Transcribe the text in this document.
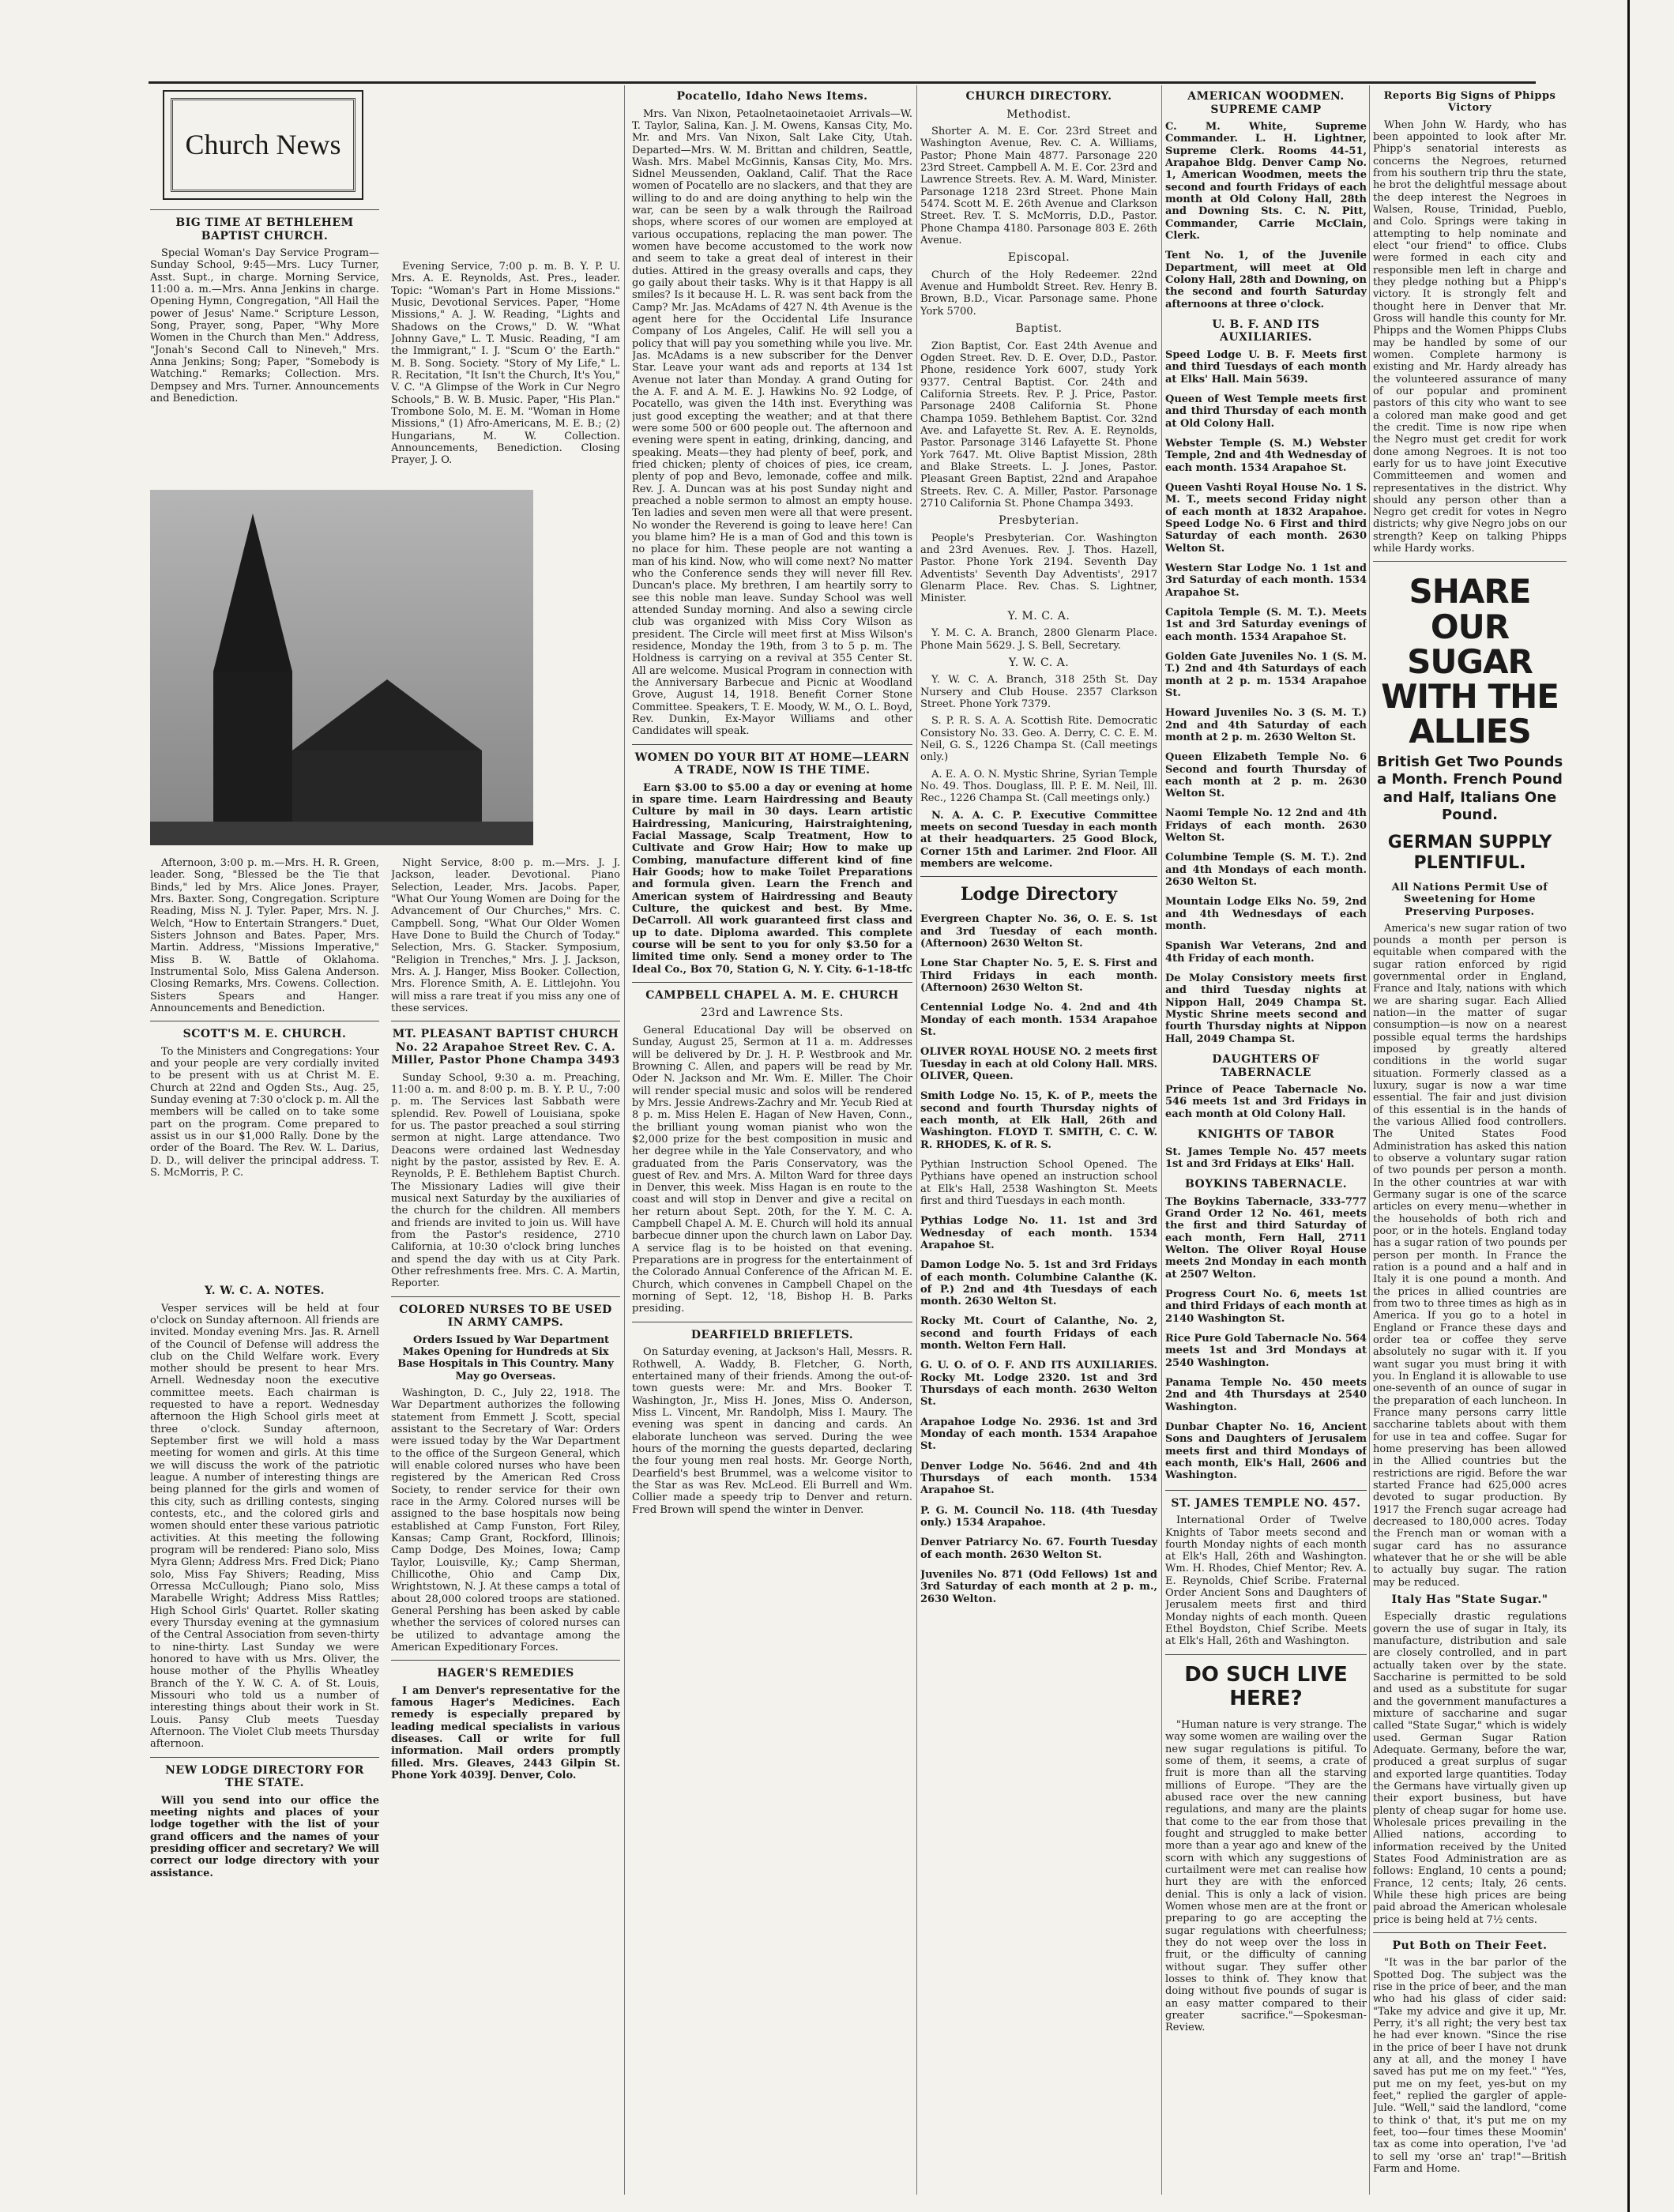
Church News
BIG TIME AT BETHLEHEM BAPTIST CHURCH.

Special Woman's Day Service Program— Sunday School, 9:45—Mrs. Lucy Turner, Asst. Supt., in charge. Morning Service, 11:00 a. m.—Mrs. Anna Jenkins in charge. Opening Hymn, Congregation, "All Hail the power of Jesus' Name." Scripture Lesson, Song, Prayer, song, Paper, "Why More Women in the Church than Men." Address, "Jonah's Second Call to Nineveh," Mrs. Anna Jenkins; Song; Paper, "Somebody is Watching." Remarks; Collection. Mrs. Dempsey and Mrs. Turner. Announcements and Benediction.

Evening Service, 7:00 p. m. B. Y. P. U. Mrs. A. E. Reynolds, Ast. Pres., leader. Topic: "Woman's Part in Home Missions." Music, Devotional Services. Paper, "Home Missions," A. J. W. Reading, "Lights and Shadows on the Crows," D. W. "What Johnny Gave," L. T. Music. Reading, "I am the Immigrant," I. J. "Scum O' the Earth." M. B. Song. Society. "Story of My Life," L. R. Recitation, "It Isn't the Church, It's You," V. C. "A Glimpse of the Work in Cur Negro Schools," B. W. B. Music. Paper, "His Plan." Trombone Solo, M. E. M. "Woman in Home Missions," (1) Afro-Americans, M. E. B.; (2) Hungarians, M. W. Collection. Announcements, Benediction. Closing Prayer, J. O.

Afternoon, 3:00 p. m.—Mrs. H. R. Green, leader. Song, "Blessed be the Tie that Binds," led by Mrs. Alice Jones. Prayer, Mrs. Baxter. Song, Congregation. Scripture Reading, Miss N. J. Tyler. Paper, Mrs. N. J. Welch, "How to Entertain Strangers." Duet, Sisters Johnson and Bates. Paper, Mrs. Martin. Address, "Missions Imperative," Miss B. W. Battle of Oklahoma. Instrumental Solo, Miss Galena Anderson. Closing Remarks, Mrs. Cowens. Collection. Sisters Spears and Hanger. Announcements and Benediction.

SCOTT'S M. E. CHURCH.

To the Ministers and Congregations: Your and your people are very cordially invited to be present with us at Christ M. E. Church at 22nd and Ogden Sts., Aug. 25, Sunday evening at 7:30 o'clock p. m. All the members will be called on to take some part on the program. Come prepared to assist us in our $1,000 Rally. Done by the order of the Board. The Rev. W. L. Darius, D. D., will deliver the principal address. T. S. McMorris, P. C.

Y. W. C. A. NOTES.

Vesper services will be held at four o'clock on Sunday afternoon. All friends are invited. Monday evening Mrs. Jas. R. Arnell of the Council of Defense will address the club on the Child Welfare work. Every mother should be present to hear Mrs. Arnell. Wednesday noon the executive committee meets. Each chairman is requested to have a report. Wednesday afternoon the High School girls meet at three o'clock. Sunday afternoon, September first we will hold a mass meeting for women and girls. At this time we will discuss the work of the patriotic league. A number of interesting things are being planned for the girls and women of this city, such as drilling contests, singing contests, etc., and the colored girls and women should enter these various patriotic activities. At this meeting the following program will be rendered: Piano solo, Miss Myra Glenn; Address Mrs. Fred Dick; Piano solo, Miss Fay Shivers; Reading, Miss Orressa McCullough; Piano solo, Miss Marabelle Wright; Address Miss Rattles; High School Girls' Quartet. Roller skating every Thursday evening at the gymnasium of the Central Association from seven-thirty to nine-thirty. Last Sunday we were honored to have with us Mrs. Oliver, the house mother of the Phyllis Wheatley Branch of the Y. W. C. A. of St. Louis, Missouri who told us a number of interesting things about their work in St. Louis. Pansy Club meets Tuesday Afternoon. The Violet Club meets Thursday afternoon.

NEW LODGE DIRECTORY FOR THE STATE.

Will you send into our office the meeting nights and places of your lodge together with the list of your grand officers and the names of your presiding officer and secretary? We will correct our lodge directory with your assistance.

Night Service, 8:00 p. m.—Mrs. J. J. Jackson, leader. Devotional. Piano Selection, Leader, Mrs. Jacobs. Paper, "What Our Young Women are Doing for the Advancement of Our Churches," Mrs. C. Campbell. Song, "What Our Older Women Have Done to Build the Church of Today." Selection, Mrs. G. Stacker. Symposium, "Religion in Trenches," Mrs. J. J. Jackson, Mrs. A. J. Hanger, Miss Booker. Collection, Mrs. Florence Smith, A. E. Littlejohn. You will miss a rare treat if you miss any one of these services.

MT. PLEASANT BAPTIST CHURCH No. 22 Arapahoe Street Rev. C. A. Miller, Pastor Phone Champa 3493

Sunday School, 9:30 a. m. Preaching, 11:00 a. m. and 8:00 p. m. B. Y. P. U., 7:00 p. m. The Services last Sabbath were splendid. Rev. Powell of Louisiana, spoke for us. The pastor preached a soul stirring sermon at night. Large attendance. Two Deacons were ordained last Wednesday night by the pastor, assisted by Rev. E. A. Reynolds, P. E. Bethlehem Baptist Church. The Missionary Ladies will give their musical next Saturday by the auxiliaries of the church for the children. All members and friends are invited to join us. Will have from the Pastor's residence, 2710 California, at 10:30 o'clock bring lunches and spend the day with us at City Park. Other refreshments free. Mrs. C. A. Martin, Reporter.

COLORED NURSES TO BE USED IN ARMY CAMPS.

Orders Issued by War Department Makes Opening for Hundreds at Six Base Hospitals in This Country. Many May go Overseas.

Washington, D. C., July 22, 1918. The War Department authorizes the following statement from Emmett J. Scott, special assistant to the Secretary of War: Orders were issued today by the War Department to the office of the Surgeon General, which will enable colored nurses who have been registered by the American Red Cross Society, to render service for their own race in the Army. Colored nurses will be assigned to the base hospitals now being established at Camp Funston, Fort Riley, Kansas; Camp Grant, Rockford, Illinois; Camp Dodge, Des Moines, Iowa; Camp Taylor, Louisville, Ky.; Camp Sherman, Chillicothe, Ohio and Camp Dix, Wrightstown, N. J. At these camps a total of about 28,000 colored troops are stationed. General Pershing has been asked by cable whether the services of colored nurses can be utilized to advantage among the American Expeditionary Forces.

HAGER'S REMEDIES

I am Denver's representative for the famous Hager's Medicines. Each remedy is especially prepared by leading medical specialists in various diseases. Call or write for full information. Mail orders promptly filled. Mrs. Gleaves, 2443 Gilpin St. Phone York 4039J. Denver, Colo.

Pocatello, Idaho News Items.

Mrs. Van Nixon, Petaolnetaoinetaoiet Arrivals—W. T. Taylor, Salina, Kan. J. M. Owens, Kansas City, Mo. Mr. and Mrs. Van Nixon, Salt Lake City, Utah. Departed—Mrs. W. M. Brittan and children, Seattle, Wash. Mrs. Mabel McGinnis, Kansas City, Mo. Mrs. Sidnel Meussenden, Oakland, Calif. That the Race women of Pocatello are no slackers, and that they are willing to do and are doing anything to help win the war, can be seen by a walk through the Railroad shops, where scores of our women are employed at various occupations, replacing the man power. The women have become accustomed to the work now and seem to take a great deal of interest in their duties. Attired in the greasy overalls and caps, they go gaily about their tasks. Why is it that Happy is all smiles? Is it because H. L. R. was sent back from the Camp? Mr. Jas. McAdams of 427 N. 4th Avenue is the agent here for the Occidental Life Insurance Company of Los Angeles, Calif. He will sell you a policy that will pay you something while you live. Mr. Jas. McAdams is a new subscriber for the Denver Star. Leave your want ads and reports at 134 1st Avenue not later than Monday. A grand Outing for the A. F. and A. M. E. J. Hawkins No. 92 Lodge, of Pocatello, was given the 14th inst. Everything was just good excepting the weather; and at that there were some 500 or 600 people out. The afternoon and evening were spent in eating, drinking, dancing, and speaking. Meats—they had plenty of beef, pork, and fried chicken; plenty of choices of pies, ice cream, plenty of pop and Bevo, lemonade, coffee and milk. Rev. J. A. Duncan was at his post Sunday night and preached a noble sermon to almost an empty house. Ten ladies and seven men were all that were present. No wonder the Reverend is going to leave here! Can you blame him? He is a man of God and this town is no place for him. These people are not wanting a man of his kind. Now, who will come next? No matter who the Conference sends they will never fill Rev. Duncan's place. My brethren, I am heartily sorry to see this noble man leave. Sunday School was well attended Sunday morning. And also a sewing circle club was organized with Miss Cory Wilson as president. The Circle will meet first at Miss Wilson's residence, Monday the 19th, from 3 to 5 p. m. The Holdness is carrying on a revival at 355 Center St. All are welcome. Musical Program in connection with the Anniversary Barbecue and Picnic at Woodland Grove, August 14, 1918. Benefit Corner Stone Committee. Speakers, T. E. Moody, W. M., O. L. Boyd, Rev. Dunkin, Ex-Mayor Williams and other Candidates will speak.

WOMEN DO YOUR BIT AT HOME—LEARN A TRADE, NOW IS THE TIME.

Earn $3.00 to $5.00 a day or evening at home in spare time. Learn Hairdressing and Beauty Culture by mail in 30 days. Learn artistic Hairdressing, Manicuring, Hairstraightening, Facial Massage, Scalp Treatment, How to Cultivate and Grow Hair; How to make up Combing, manufacture different kind of fine Hair Goods; how to make Toilet Preparations and formula given. Learn the French and American system of Hairdressing and Beauty Culture, the quickest and best. By Mme. DeCarroll. All work guaranteed first class and up to date. Diploma awarded. This complete course will be sent to you for only $3.50 for a limited time only. Send a money order to The Ideal Co., Box 70, Station G, N. Y. City. 6-1-18-tfc

CAMPBELL CHAPEL A. M. E. CHURCH
23rd and Lawrence Sts.

General Educational Day will be observed on Sunday, August 25, Sermon at 11 a. m. Addresses will be delivered by Dr. J. H. P. Westbrook and Mr. Browning C. Allen, and papers will be read by Mr. Oder N. Jackson and Mr. Wm. E. Miller. The Choir will render special music and solos will be rendered by Mrs. Jessie Andrews-Zachry and Mr. Yecub Ried at 8 p. m. Miss Helen E. Hagan of New Haven, Conn., the brilliant young woman pianist who won the $2,000 prize for the best composition in music and her degree while in the Yale Conservatory, and who graduated from the Paris Conservatory, was the guest of Rev. and Mrs. A. Milton Ward for three days in Denver, this week. Miss Hagan is en route to the coast and will stop in Denver and give a recital on her return about Sept. 20th, for the Y. M. C. A. Campbell Chapel A. M. E. Church will hold its annual barbecue dinner upon the church lawn on Labor Day. A service flag is to be hoisted on that evening. Preparations are in progress for the entertainment of the Colorado Annual Conference of the African M. E. Church, which convenes in Campbell Chapel on the morning of Sept. 12, '18, Bishop H. B. Parks presiding.

DEARFIELD BRIEFLETS.

On Saturday evening, at Jackson's Hall, Messrs. R. Rothwell, A. Waddy, B. Fletcher, G. North, entertained many of their friends. Among the out-of-town guests were: Mr. and Mrs. Booker T. Washington, Jr., Miss H. Jones, Miss O. Anderson, Miss L. Vincent, Mr. Randolph, Miss I. Maury. The evening was spent in dancing and cards. An elaborate luncheon was served. During the wee hours of the morning the guests departed, declaring the four young men real hosts. Mr. George North, Dearfield's best Brummel, was a welcome visitor to the Star as was Rev. McLeod. Eli Burrell and Wm. Collier made a speedy trip to Denver and return. Fred Brown will spend the winter in Denver.

CHURCH DIRECTORY.
Methodist.

Shorter A. M. E. Cor. 23rd Street and Washington Avenue, Rev. C. A. Williams, Pastor; Phone Main 4877. Parsonage 220 23rd Street. Campbell A. M. E. Cor. 23rd and Lawrence Streets. Rev. A. M. Ward, Minister. Parsonage 1218 23rd Street. Phone Main 5474. Scott M. E. 26th Avenue and Clarkson Street. Rev. T. S. McMorris, D.D., Pastor. Phone Champa 4180. Parsonage 803 E. 26th Avenue.

Episcopal.

Church of the Holy Redeemer. 22nd Avenue and Humboldt Street. Rev. Henry B. Brown, B.D., Vicar. Parsonage same. Phone York 5700.

Baptist.

Zion Baptist, Cor. East 24th Avenue and Ogden Street. Rev. D. E. Over, D.D., Pastor. Phone, residence York 6007, study York 9377. Central Baptist. Cor. 24th and California Streets. Rev. P. J. Price, Pastor. Parsonage 2408 California St. Phone Champa 1059. Bethlehem Baptist. Cor. 32nd Ave. and Lafayette St. Rev. A. E. Reynolds, Pastor. Parsonage 3146 Lafayette St. Phone York 7647. Mt. Olive Baptist Mission, 28th and Blake Streets. L. J. Jones, Pastor. Pleasant Green Baptist, 22nd and Arapahoe Streets. Rev. C. A. Miller, Pastor. Parsonage 2710 California St. Phone Champa 3493.

Presbyterian.

People's Presbyterian. Cor. Washington and 23rd Avenues. Rev. J. Thos. Hazell, Pastor. Phone York 2194. Seventh Day Adventists' Seventh Day Adventists', 2917 Glenarm Place. Rev. Chas. S. Lightner, Minister.

Y. M. C. A.

Y. M. C. A. Branch, 2800 Glenarm Place. Phone Main 5629. J. S. Bell, Secretary.

Y. W. C. A.

Y. W. C. A. Branch, 318 25th St. Day Nursery and Club House. 2357 Clarkson Street. Phone York 7379.

S. P. R. S. A. A. Scottish Rite. Democratic Consistory No. 33. Geo. A. Derry, C. C. E. M. Neil, G. S., 1226 Champa St. (Call meetings only.)

A. E. A. O. N. Mystic Shrine, Syrian Temple No. 49. Thos. Douglass, Ill. P. E. M. Neil, Ill. Rec., 1226 Champa St. (Call meetings only.)

N. A. A. C. P. Executive Committee meets on second Tuesday in each month at their headquarters. 25 Good Block, Corner 15th and Larimer. 2nd Floor. All members are welcome.

Lodge Directory
Evergreen Chapter No. 36, O. E. S. 1st and 3rd Tuesday of each month. (Afternoon) 2630 Welton St.
Lone Star Chapter No. 5, E. S. First and Third Fridays in each month. (Afternoon) 2630 Welton St.
Centennial Lodge No. 4. 2nd and 4th Monday of each month. 1534 Arapahoe St.
OLIVER ROYAL HOUSE NO. 2 meets first Tuesday in each at old Colony Hall. MRS. OLIVER, Queen.
Smith Lodge No. 15, K. of P., meets the second and fourth Thursday nights of each month, at Elk Hall, 26th and Washington. FLOYD T. SMITH, C. C. W. R. RHODES, K. of R. S.
Pythian Instruction School Opened. The Pythians have opened an instruction school at Elk's Hall, 2538 Washington St. Meets first and third Tuesdays in each month.
Pythias Lodge No. 11. 1st and 3rd Wednesday of each month. 1534 Arapahoe St.
Damon Lodge No. 5. 1st and 3rd Fridays of each month. Columbine Calanthe (K. of P.) 2nd and 4th Tuesdays of each month. 2630 Welton St.
Rocky Mt. Court of Calanthe, No. 2, second and fourth Fridays of each month. Welton Fern Hall.
G. U. O. of O. F. AND ITS AUXILIARIES. Rocky Mt. Lodge 2320. 1st and 3rd Thursdays of each month. 2630 Welton St.
Arapahoe Lodge No. 2936. 1st and 3rd Monday of each month. 1534 Arapahoe St.
Denver Lodge No. 5646. 2nd and 4th Thursdays of each month. 1534 Arapahoe St.
P. G. M. Council No. 118. (4th Tuesday only.) 1534 Arapahoe.
Denver Patriarcy No. 67. Fourth Tuesday of each month. 2630 Welton St.
Juveniles No. 871 (Odd Fellows) 1st and 3rd Saturday of each month at 2 p. m., 2630 Welton.
AMERICAN WOODMEN. SUPREME CAMP
C. M. White, Supreme Commander. L. H. Lightner, Supreme Clerk. Rooms 44-51, Arapahoe Bldg. Denver Camp No. 1, American Woodmen, meets the second and fourth Fridays of each month at Old Colony Hall, 28th and Downing Sts. C. N. Pitt, Commander, Carrie McClain, Clerk.
Tent No. 1, of the Juvenile Department, will meet at Old Colony Hall, 28th and Downing, on the second and fourth Saturday afternoons at three o'clock.
U. B. F. AND ITS AUXILIARIES.
Speed Lodge U. B. F. Meets first and third Tuesdays of each month at Elks' Hall. Main 5639.
Queen of West Temple meets first and third Thursday of each month at Old Colony Hall.
Webster Temple (S. M.) Webster Temple, 2nd and 4th Wednesday of each month. 1534 Arapahoe St.
Queen Vashti Royal House No. 1 S. M. T., meets second Friday night of each month at 1832 Arapahoe. Speed Lodge No. 6 First and third Saturday of each month. 2630 Welton St.
Western Star Lodge No. 1 1st and 3rd Saturday of each month. 1534 Arapahoe St.
Capitola Temple (S. M. T.). Meets 1st and 3rd Saturday evenings of each month. 1534 Arapahoe St.
Golden Gate Juveniles No. 1 (S. M. T.) 2nd and 4th Saturdays of each month at 2 p. m. 1534 Arapahoe St.
Howard Juveniles No. 3 (S. M. T.) 2nd and 4th Saturday of each month at 2 p. m. 2630 Welton St.
Queen Elizabeth Temple No. 6 Second and fourth Thursday of each month at 2 p. m. 2630 Welton St.
Naomi Temple No. 12 2nd and 4th Fridays of each month. 2630 Welton St.
Columbine Temple (S. M. T.). 2nd and 4th Mondays of each month. 2630 Welton St.
Mountain Lodge Elks No. 59, 2nd and 4th Wednesdays of each month.
Spanish War Veterans, 2nd and 4th Friday of each month.
De Molay Consistory meets first and third Tuesday nights at Nippon Hall, 2049 Champa St. Mystic Shrine meets second and fourth Thursday nights at Nippon Hall, 2049 Champa St.
DAUGHTERS OF TABERNACLE
Prince of Peace Tabernacle No. 546 meets 1st and 3rd Fridays in each month at Old Colony Hall.
KNIGHTS OF TABOR
St. James Temple No. 457 meets 1st and 3rd Fridays at Elks' Hall.
BOYKINS TABERNACLE.
The Boykins Tabernacle, 333-777 Grand Order 12 No. 461, meets the first and third Saturday of each month, Fern Hall, 2711 Welton. The Oliver Royal House meets 2nd Monday in each month at 2507 Welton.
Progress Court No. 6, meets 1st and third Fridays of each month at 2140 Washington St.
Rice Pure Gold Tabernacle No. 564 meets 1st and 3rd Mondays at 2540 Washington.
Panama Temple No. 450 meets 2nd and 4th Thursdays at 2540 Washington.
Dunbar Chapter No. 16, Ancient Sons and Daughters of Jerusalem meets first and third Mondays of each month, Elk's Hall, 2606 and Washington.
ST. JAMES TEMPLE NO. 457.

International Order of Twelve Knights of Tabor meets second and fourth Monday nights of each month at Elk's Hall, 26th and Washington. Wm. H. Rhodes, Chief Mentor; Rev. A. E. Reynolds, Chief Scribe. Fraternal Order Ancient Sons and Daughters of Jerusalem meets first and third Monday nights of each month. Queen Ethel Boydston, Chief Scribe. Meets at Elk's Hall, 26th and Washington.

DO SUCH LIVE HERE?

"Human nature is very strange. The way some women are wailing over the new sugar regulations is pitiful. To some of them, it seems, a crate of fruit is more than all the starving millions of Europe. "They are the abused race over the new canning regulations, and many are the plaints that come to the ear from those that fought and struggled to make better more than a year ago and knew of the scorn with which any suggestions of curtailment were met can realise how hurt they are with the enforced denial. This is only a lack of vision. Women whose men are at the front or preparing to go are accepting the sugar regulations with cheerfulness; they do not weep over the loss in fruit, or the difficulty of canning without sugar. They suffer other losses to think of. They know that doing without five pounds of sugar is an easy matter compared to their greater sacrifice."—Spokesman-Review.

Reports Big Signs of Phipps Victory

When John W. Hardy, who has been appointed to look after Mr. Phipp's senatorial interests as concerns the Negroes, returned from his southern trip thru the state, he brot the delightful message about the deep interest the Negroes in Walsen, Rouse, Trinidad, Pueblo, and Colo. Springs were taking in attempting to help nominate and elect "our friend" to office. Clubs were formed in each city and responsible men left in charge and they pledge nothing but a Phipp's victory. It is strongly felt and thought here in Denver that Mr. Gross will handle this county for Mr. Phipps and the Women Phipps Clubs may be handled by some of our women. Complete harmony is existing and Mr. Hardy already has the volunteered assurance of many of our popular and prominent pastors of this city who want to see a colored man make good and get the credit. Time is now ripe when the Negro must get credit for work done among Negroes. It is not too early for us to have joint Executive Committeemen and women and representatives in the district. Why should any person other than a Negro get credit for votes in Negro districts; why give Negro jobs on our strength? Keep on talking Phipps while Hardy works.

SHARE OUR SUGAR WITH THE ALLIES
British Get Two Pounds a Month. French Pound and Half, Italians One Pound.
GERMAN SUPPLY PLENTIFUL.
All Nations Permit Use of Sweetening for Home Preserving Purposes.

America's new sugar ration of two pounds a month per person is equitable when compared with the sugar ration enforced by rigid governmental order in England, France and Italy, nations with which we are sharing sugar. Each Allied nation—in the matter of sugar consumption—is now on a nearest possible equal terms the hardships imposed by greatly altered conditions in the world sugar situation. Formerly classed as a luxury, sugar is now a war time essential. The fair and just division of this essential is in the hands of the various Allied food controllers. The United States Food Administration has asked this nation to observe a voluntary sugar ration of two pounds per person a month. In the other countries at war with Germany sugar is one of the scarce articles on every menu—whether in the households of both rich and poor, or in the hotels. England today has a sugar ration of two pounds per person per month. In France the ration is a pound and a half and in Italy it is one pound a month. And the prices in allied countries are from two to three times as high as in America. If you go to a hotel in England or France these days and order tea or coffee they serve absolutely no sugar with it. If you want sugar you must bring it with you. In England it is allowable to use one-seventh of an ounce of sugar in the preparation of each luncheon. In France many persons carry little saccharine tablets about with them for use in tea and coffee. Sugar for home preserving has been allowed in the Allied countries but the restrictions are rigid. Before the war started France had 625,000 acres devoted to sugar production. By 1917 the French sugar acreage had decreased to 180,000 acres. Today the French man or woman with a sugar card has no assurance whatever that he or she will be able to actually buy sugar. The ration may be reduced.

Italy Has "State Sugar."

Especially drastic regulations govern the use of sugar in Italy, its manufacture, distribution and sale are closely controlled, and in part actually taken over by the state. Saccharine is permitted to be sold and used as a substitute for sugar and the government manufactures a mixture of saccharine and sugar called "State Sugar," which is widely used. German Sugar Ration Adequate. Germany, before the war, produced a great surplus of sugar and exported large quantities. Today the Germans have virtually given up their export business, but have plenty of cheap sugar for home use. Wholesale prices prevailing in the Allied nations, according to information received by the United States Food Administration are as follows: England, 10 cents a pound; France, 12 cents; Italy, 26 cents. While these high prices are being paid abroad the American wholesale price is being held at 7½ cents.

Put Both on Their Feet.

"It was in the bar parlor of the Spotted Dog. The subject was the rise in the price of beer, and the man who had his glass of cider said: "Take my advice and give it up, Mr. Perry, it's all right; the very best tax he had ever known. "Since the rise in the price of beer I have not drunk any at all, and the money I have saved has put me on my feet." "Yes, put me on my feet, yes-but on my feet," replied the gargler of apple-Jule. "Well," said the landlord, "come to think o' that, it's put me on my feet, too—four times these Moomin' tax as come into operation, I've 'ad to sell my 'orse an' trap!"—British Farm and Home.
